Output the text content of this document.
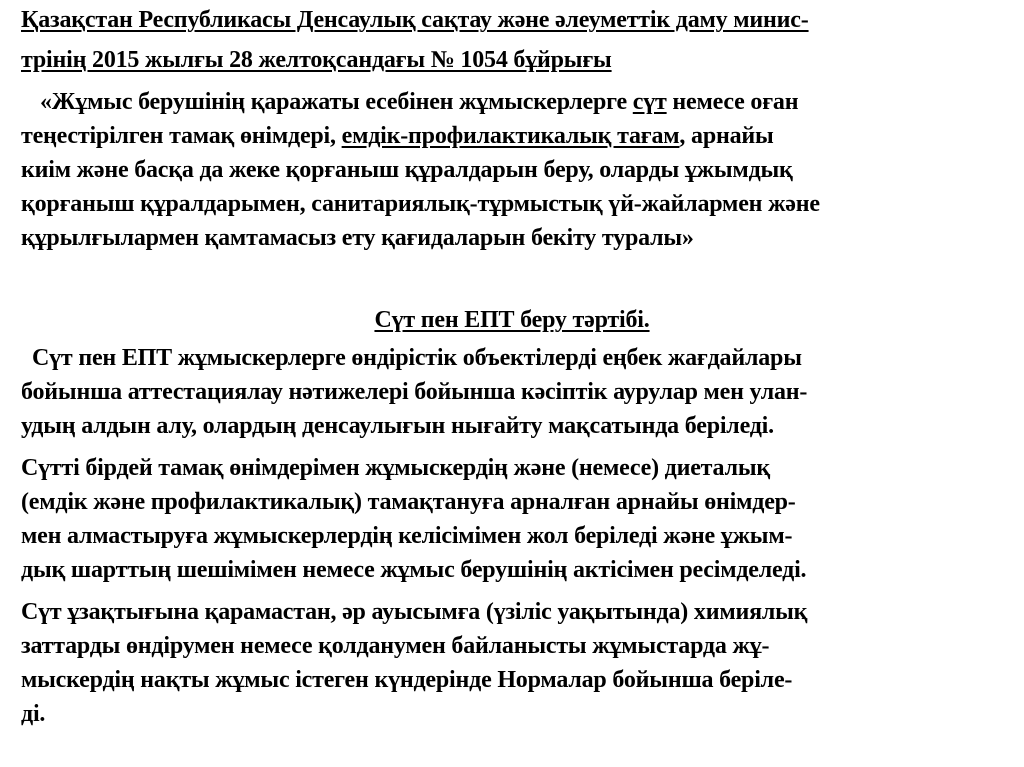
Қазақстан Республикасы Денсаулық сақтау және әлеуметтік даму минис-
трінің 2015 жылғы 28 желтоқсандағы № 1054 бұйрығы
«Жұмыс берушінің қаражаты есебінен жұмыскерлерге сүт немесе оған
теңестірілген тамақ өнімдері, емдік-профилактикалық тағам, арнайы
киім және басқа да жеке қорғаныш құралдарын беру, оларды ұжымдық
қорғаныш құралдарымен, санитариялық-тұрмыстық үй-жайлармен және
құрылғылармен қамтамасыз ету қағидаларын бекіту туралы»
Сүт пен ЕПТ беру тәртібі.
Сүт пен ЕПТ жұмыскерлерге өндірістік объектілерді еңбек жағдайлары
бойынша аттестациялау нәтижелері бойынша кәсіптік аурулар мен улан-
удың алдын алу, олардың денсаулығын нығайту мақсатында беріледі.
Сүтті бірдей тамақ өнімдерімен жұмыскердің және (немесе) диеталық
(емдік және профилактикалық) тамақтануға арналған арнайы өнімдер-
мен алмастыруға жұмыскерлердің келісімімен жол беріледі және ұжым-
дық шарттың шешімімен немесе жұмыс берушінің актісімен ресімделеді.
Сүт ұзақтығына қарамастан, әр ауысымға (үзіліс уақытында) химиялық
заттарды өндірумен немесе қолданумен байланысты жұмыстарда жұ-
мыскердің нақты жұмыс істеген күндерінде Нормалар бойынша беріле-
ді.
